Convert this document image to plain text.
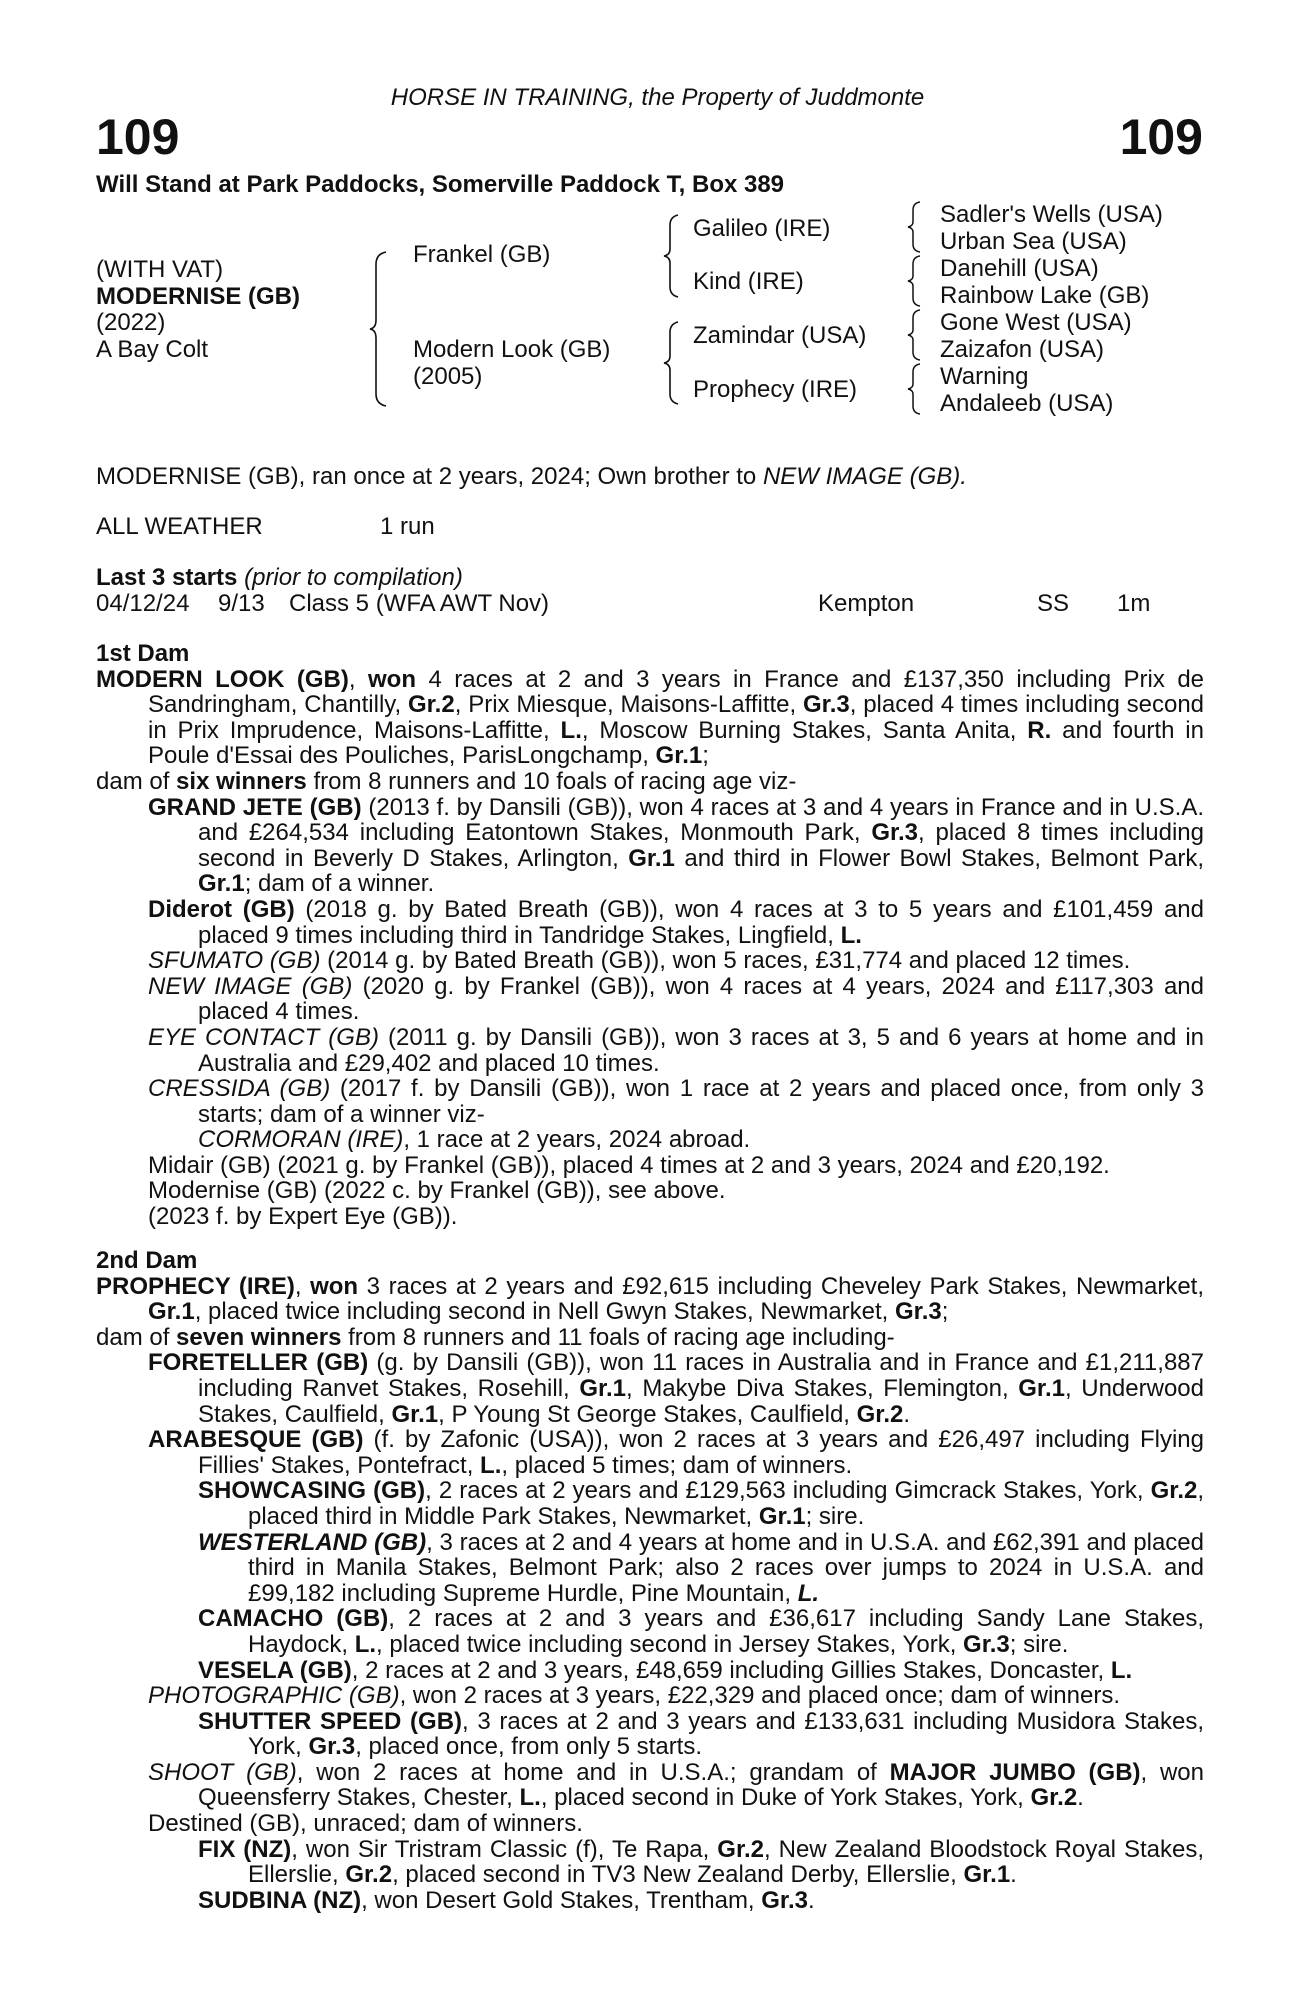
HORSE IN TRAINING, the Property of Juddmonte
109	109
Will Stand at Park Paddocks, Somerville Paddock T, Box 389
(WITH VAT)
MODERNISE (GB)
(2022)
A Bay Colt
Frankel (GB)
Modern Look (GB)
(2005)
Galileo (IRE)
Kind (IRE)
Zamindar (USA)
Prophecy (IRE)
Sadler's Wells (USA)
Urban Sea (USA)
Danehill (USA)
Rainbow Lake (GB)
Gone West (USA)
Zaizafon (USA)
Warning
Andaleeb (USA)
MODERNISE (GB), ran once at 2 years, 2024; Own brother to NEW IMAGE (GB).
ALL WEATHER	1 run
Last 3 starts (prior to compilation)
04/12/24 9/13 Class 5 (WFA AWT Nov)	Kempton	SS 1m

1st Dam

MODERN LOOK (GB), won 4 races at 2 and 3 years in France and £137,350 including Prix de Sandringham, Chantilly, Gr.2, Prix Miesque, Maisons-Laffitte, Gr.3, placed 4 times including second in Prix Imprudence, Maisons-Laffitte, L., Moscow Burning Stakes, Santa Anita, R. and fourth in Poule d'Essai des Pouliches, ParisLongchamp, Gr.1;

dam of six winners from 8 runners and 10 foals of racing age viz-

GRAND JETE (GB) (2013 f. by Dansili (GB)), won 4 races at 3 and 4 years in France and in U.S.A. and £264,534 including Eatontown Stakes, Monmouth Park, Gr.3, placed 8 times including second in Beverly D Stakes, Arlington, Gr.1 and third in Flower Bowl Stakes, Belmont Park, Gr.1; dam of a winner.

Diderot (GB) (2018 g. by Bated Breath (GB)), won 4 races at 3 to 5 years and £101,459 and placed 9 times including third in Tandridge Stakes, Lingfield, L.

SFUMATO (GB) (2014 g. by Bated Breath (GB)), won 5 races, £31,774 and placed 12 times.

NEW IMAGE (GB) (2020 g. by Frankel (GB)), won 4 races at 4 years, 2024 and £117,303 and placed 4 times.

EYE CONTACT (GB) (2011 g. by Dansili (GB)), won 3 races at 3, 5 and 6 years at home and in Australia and £29,402 and placed 10 times.

CRESSIDA (GB) (2017 f. by Dansili (GB)), won 1 race at 2 years and placed once, from only 3 starts; dam of a winner viz-

CORMORAN (IRE), 1 race at 2 years, 2024 abroad.

Midair (GB) (2021 g. by Frankel (GB)), placed 4 times at 2 and 3 years, 2024 and £20,192.

Modernise (GB) (2022 c. by Frankel (GB)), see above.

(2023 f. by Expert Eye (GB)).

2nd Dam

PROPHECY (IRE), won 3 races at 2 years and £92,615 including Cheveley Park Stakes, Newmarket, Gr.1, placed twice including second in Nell Gwyn Stakes, Newmarket, Gr.3;

dam of seven winners from 8 runners and 11 foals of racing age including-

FORETELLER (GB) (g. by Dansili (GB)), won 11 races in Australia and in France and £1,211,887 including Ranvet Stakes, Rosehill, Gr.1, Makybe Diva Stakes, Flemington, Gr.1, Underwood Stakes, Caulfield, Gr.1, P Young St George Stakes, Caulfield, Gr.2.

ARABESQUE (GB) (f. by Zafonic (USA)), won 2 races at 3 years and £26,497 including Flying Fillies' Stakes, Pontefract, L., placed 5 times; dam of winners.

SHOWCASING (GB), 2 races at 2 years and £129,563 including Gimcrack Stakes, York, Gr.2, placed third in Middle Park Stakes, Newmarket, Gr.1; sire.

WESTERLAND (GB), 3 races at 2 and 4 years at home and in U.S.A. and £62,391 and placed third in Manila Stakes, Belmont Park; also 2 races over jumps to 2024 in U.S.A. and £99,182 including Supreme Hurdle, Pine Mountain, L.

CAMACHO (GB), 2 races at 2 and 3 years and £36,617 including Sandy Lane Stakes, Haydock, L., placed twice including second in Jersey Stakes, York, Gr.3; sire.

VESELA (GB), 2 races at 2 and 3 years, £48,659 including Gillies Stakes, Doncaster, L.

PHOTOGRAPHIC (GB), won 2 races at 3 years, £22,329 and placed once; dam of winners.

SHUTTER SPEED (GB), 3 races at 2 and 3 years and £133,631 including Musidora Stakes, York, Gr.3, placed once, from only 5 starts.

SHOOT (GB), won 2 races at home and in U.S.A.; grandam of MAJOR JUMBO (GB), won Queensferry Stakes, Chester, L., placed second in Duke of York Stakes, York, Gr.2.

Destined (GB), unraced; dam of winners.

FIX (NZ), won Sir Tristram Classic (f), Te Rapa, Gr.2, New Zealand Bloodstock Royal Stakes, Ellerslie, Gr.2, placed second in TV3 New Zealand Derby, Ellerslie, Gr.1.

SUDBINA (NZ), won Desert Gold Stakes, Trentham, Gr.3.
